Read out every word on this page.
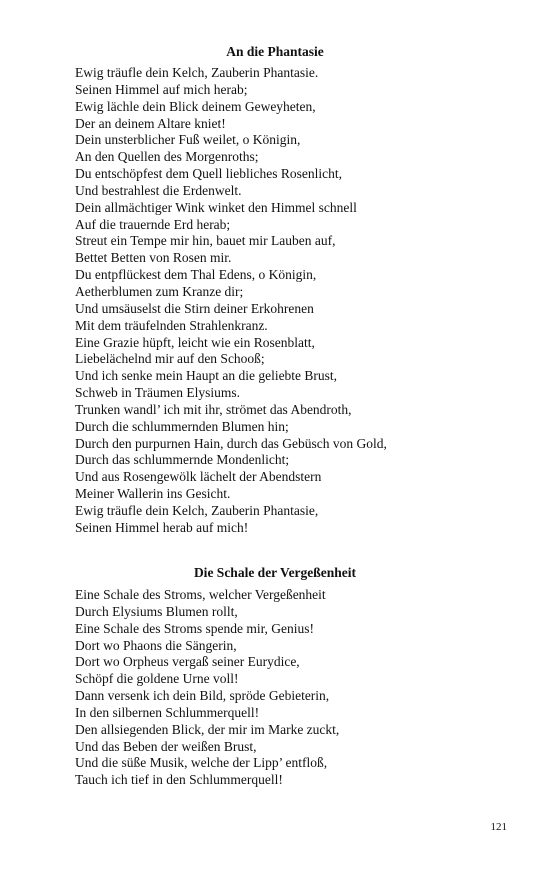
An die Phantasie
Ewig träufle dein Kelch, Zauberin Phantasie.
Seinen Himmel auf mich herab;
Ewig lächle dein Blick deinem Geweyheten,
Der an deinem Altare kniet!
Dein unsterblicher Fuß weilet, o Königin,
An den Quellen des Morgenroths;
Du entschöpfest dem Quell liebliches Rosenlicht,
Und bestrahlest die Erdenwelt.
Dein allmächtiger Wink winket den Himmel schnell
Auf die trauernde Erd herab;
Streut ein Tempe mir hin, bauet mir Lauben auf,
Bettet Betten von Rosen mir.
Du entpflückest dem Thal Edens, o Königin,
Aetherblumen zum Kranze dir;
Und umsäuselst die Stirn deiner Erkohrenen
Mit dem träufelnden Strahlenkranz.
Eine Grazie hüpft, leicht wie ein Rosenblatt,
Liebelächelnd mir auf den Schooß;
Und ich senke mein Haupt an die geliebte Brust,
Schweb in Träumen Elysiums.
Trunken wandl’ ich mit ihr, strömet das Abendroth,
Durch die schlummernden Blumen hin;
Durch den purpurnen Hain, durch das Gebüsch von Gold,
Durch das schlummernde Mondenlicht;
Und aus Rosengewölk lächelt der Abendstern
Meiner Wallerin ins Gesicht.
Ewig träufle dein Kelch, Zauberin Phantasie,
Seinen Himmel herab auf mich!
Die Schale der Vergeßenheit
Eine Schale des Stroms, welcher Vergeßenheit
Durch Elysiums Blumen rollt,
Eine Schale des Stroms spende mir, Genius!
Dort wo Phaons die Sängerin,
Dort wo Orpheus vergaß seiner Eurydice,
Schöpf die goldene Urne voll!
Dann versenk ich dein Bild, spröde Gebieterin,
In den silbernen Schlummerquell!
Den allsiegenden Blick, der mir im Marke zuckt,
Und das Beben der weißen Brust,
Und die süße Musik, welche der Lipp’ entfloß,
Tauch ich tief in den Schlummerquell!
121
